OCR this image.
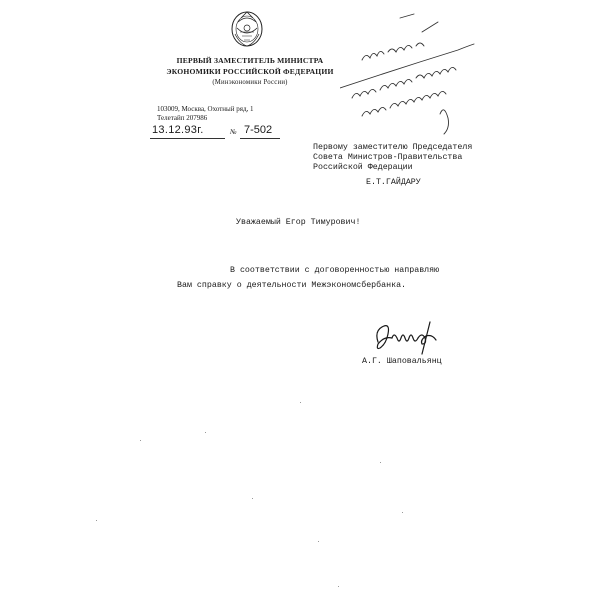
ПЕРВЫЙ ЗАМЕСТИТЕЛЬ МИНИСТРА
ЭКОНОМИКИ РОССИЙСКОЙ ФЕДЕРАЦИИ
(Минэкономики России)
103009, Москва, Охотный ряд, 1
Телетайп 207986
13.12.93г.	№ 7-502
Первому заместителю Председателя
Совета Министров-Правительства
Российской Федерации
Е.Т.ГАЙДАРУ
Уважаемый Егор Тимурович!
В соответствии с договоренностью направляю
Вам справку о деятельности Межэкономсбербанка.
А.Г. Шаповальянц
